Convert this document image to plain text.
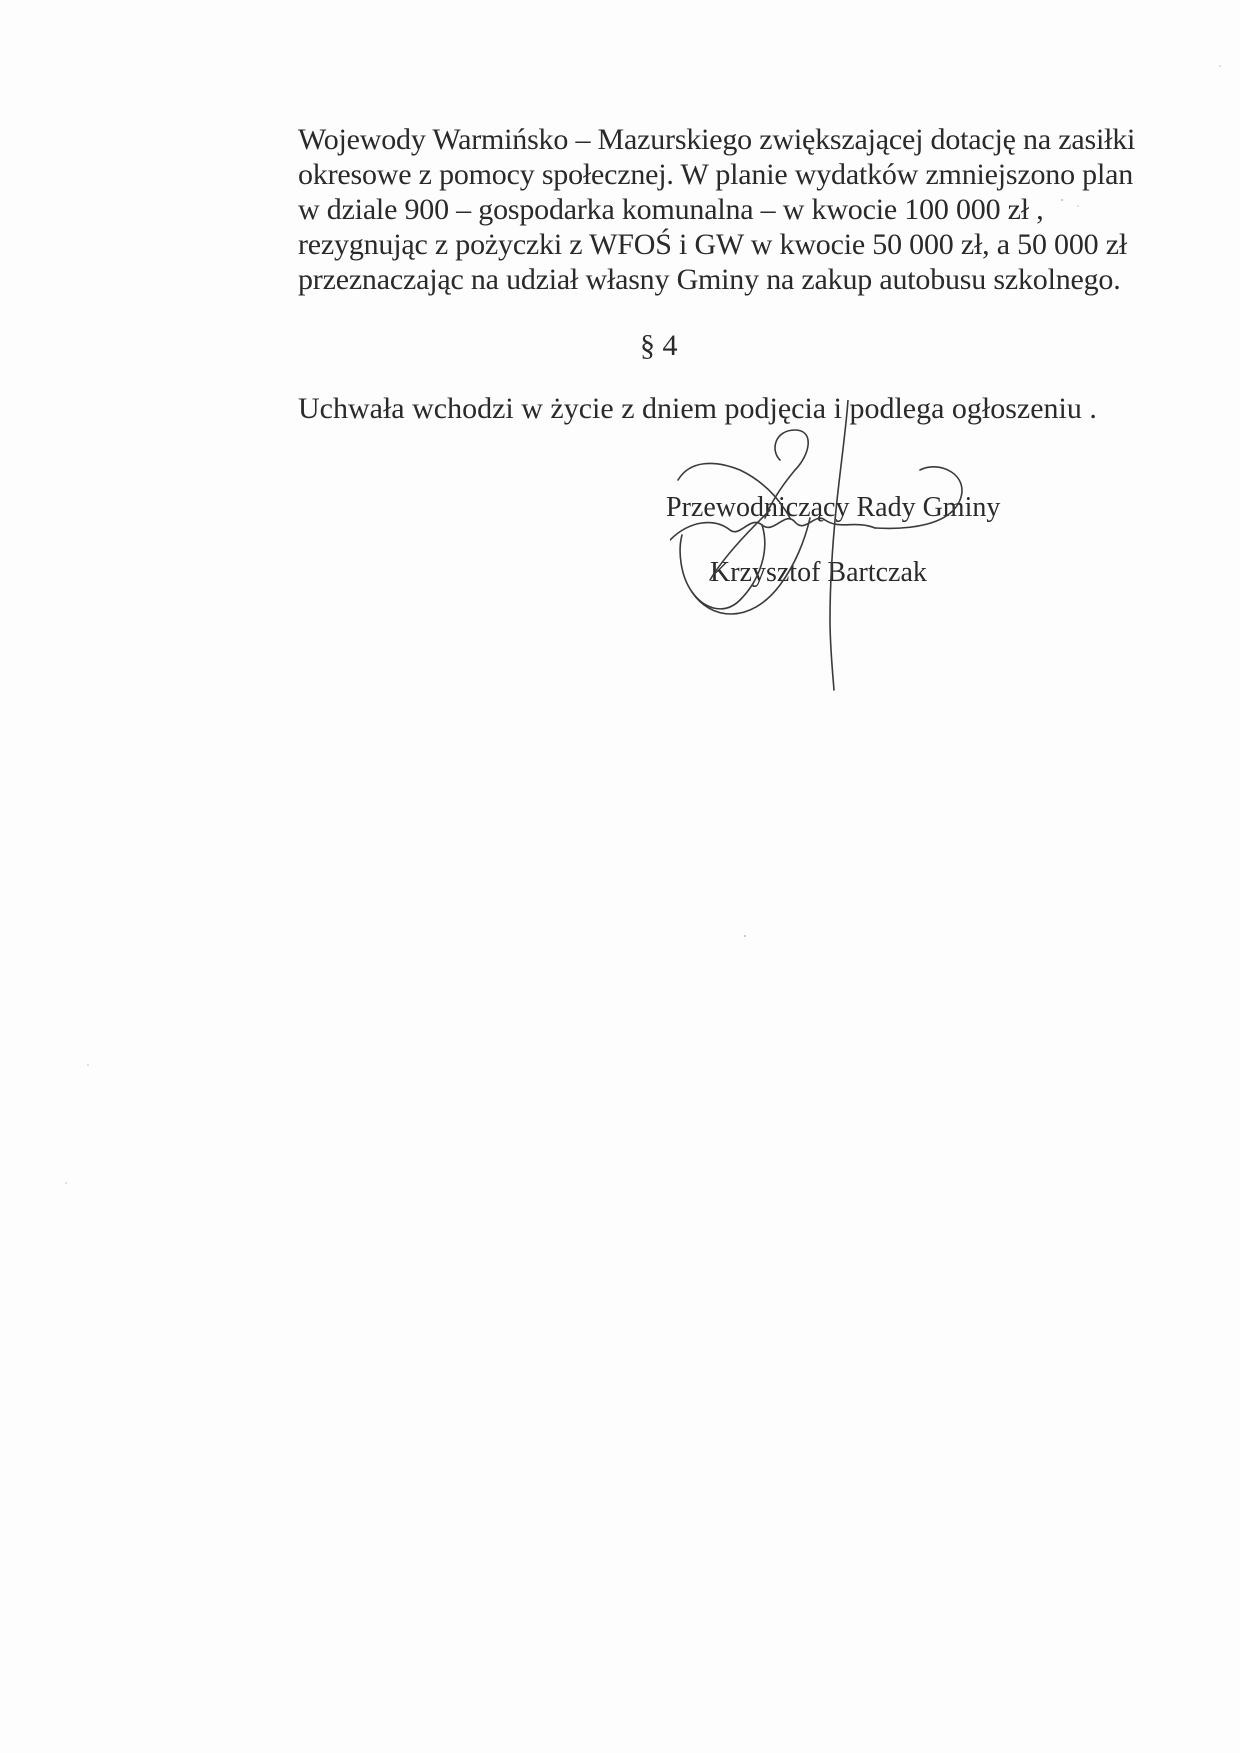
Wojewody Warmińsko – Mazurskiego zwiększającej dotację na zasiłki
okresowe z pomocy społecznej. W planie wydatków zmniejszono plan
w dziale 900 – gospodarka komunalna – w kwocie 100 000 zł ,
rezygnując z pożyczki z WFOŚ i GW w kwocie 50 000 zł, a 50 000 zł
przeznaczając na udział własny Gminy na zakup autobusu szkolnego.
§ 4
Uchwała wchodzi w życie z dniem podjęcia i podlega ogłoszeniu .
Przewodniczący Rady Gminy
Krzysztof Bartczak
